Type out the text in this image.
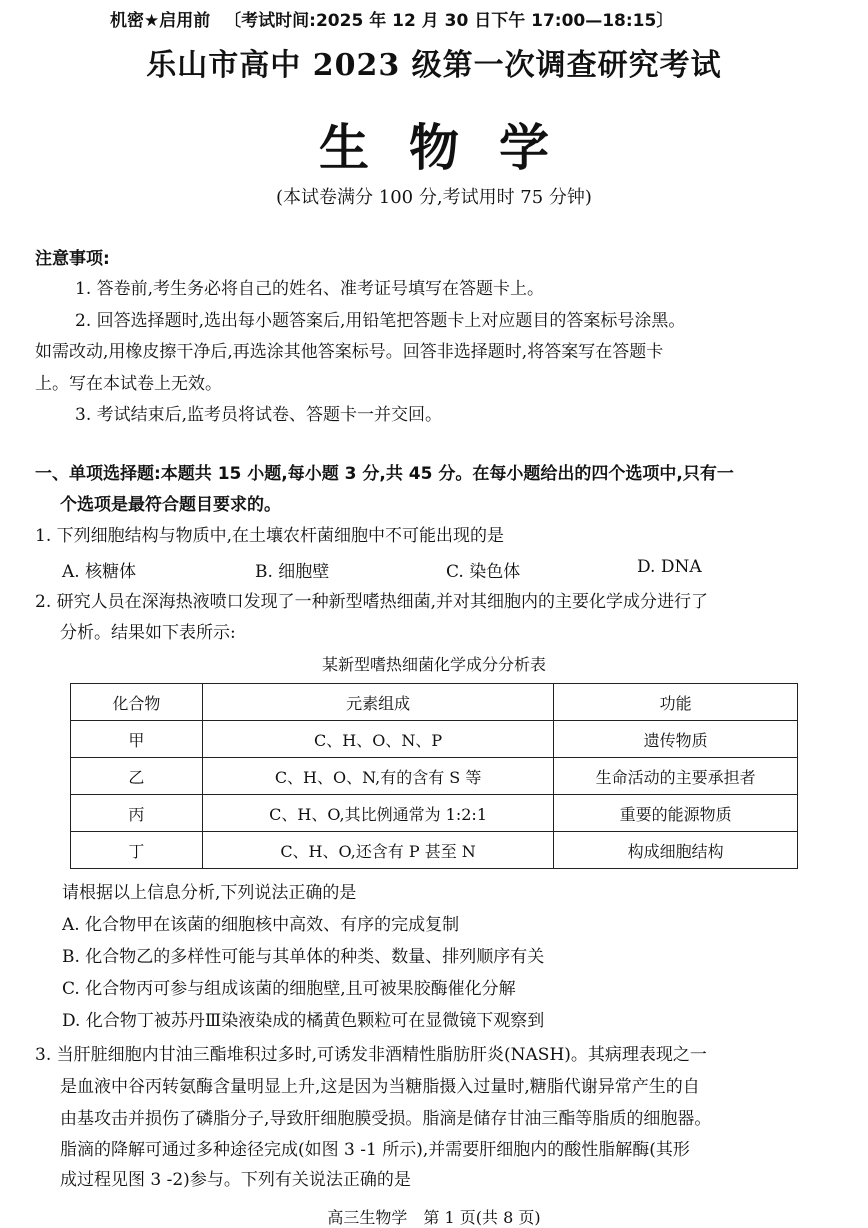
机密★启用前 〔考试时间:2025 年 12 月 30 日下午 17:00—18:15〕
乐山市高中 2023 级第一次调查研究考试
生物学
(本试卷满分 100 分,考试用时 75 分钟)
注意事项:
1. 答卷前,考生务必将自己的姓名、准考证号填写在答题卡上。
2. 回答选择题时,选出每小题答案后,用铅笔把答题卡上对应题目的答案标号涂黑。
如需改动,用橡皮擦干净后,再选涂其他答案标号。回答非选择题时,将答案写在答题卡
上。写在本试卷上无效。
3. 考试结束后,监考员将试卷、答题卡一并交回。
一、单项选择题:本题共 15 小题,每小题 3 分,共 45 分。在每小题给出的四个选项中,只有一
个选项是最符合题目要求的。
1. 下列细胞结构与物质中,在土壤农杆菌细胞中不可能出现的是
A. 核糖体	B. 细胞壁	C. 染色体	D. DNA
2. 研究人员在深海热液喷口发现了一种新型嗜热细菌,并对其细胞内的主要化学成分进行了
分析。结果如下表所示:
某新型嗜热细菌化学成分分析表
化合物	元素组成	功能
甲	C、H、O、N、P	遗传物质
乙	C、H、O、N,有的含有 S 等	生命活动的主要承担者
丙	C、H、O,其比例通常为 1:2:1	重要的能源物质
丁	C、H、O,还含有 P 甚至 N	构成细胞结构
请根据以上信息分析,下列说法正确的是
A. 化合物甲在该菌的细胞核中高效、有序的完成复制
B. 化合物乙的多样性可能与其单体的种类、数量、排列顺序有关
C. 化合物丙可参与组成该菌的细胞壁,且可被果胶酶催化分解
D. 化合物丁被苏丹Ⅲ染液染成的橘黄色颗粒可在显微镜下观察到
3. 当肝脏细胞内甘油三酯堆积过多时,可诱发非酒精性脂肪肝炎(NASH)。其病理表现之一
是血液中谷丙转氨酶含量明显上升,这是因为当糖脂摄入过量时,糖脂代谢异常产生的自
由基攻击并损伤了磷脂分子,导致肝细胞膜受损。脂滴是储存甘油三酯等脂质的细胞器。
脂滴的降解可通过多种途径完成(如图 3 -1 所示),并需要肝细胞内的酸性脂解酶(其形
成过程见图 3 -2)参与。下列有关说法正确的是
高三生物学　第 1 页(共 8 页)
